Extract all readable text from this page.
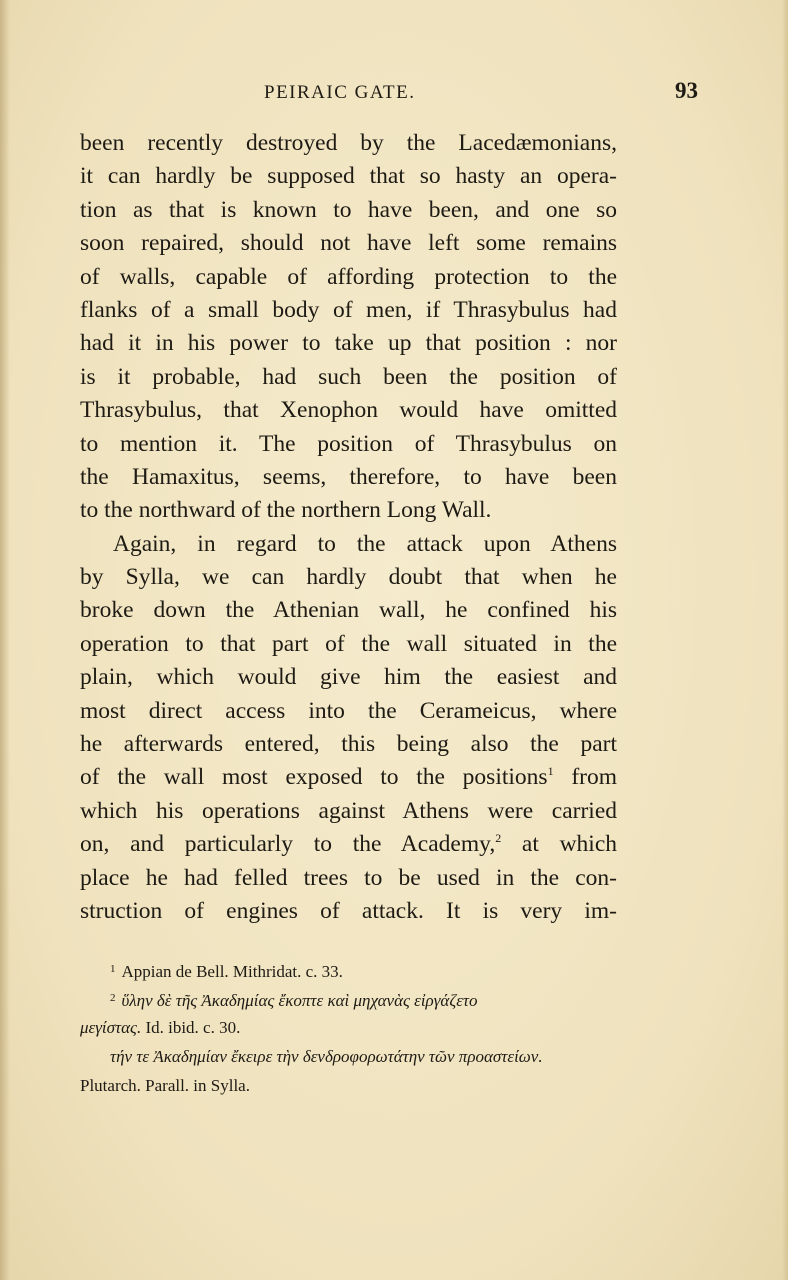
PEIRAIC GATE.	93
been recently destroyed by the Lacedæmonians,
it can hardly be supposed that so hasty an opera-
tion as that is known to have been, and one so
soon repaired, should not have left some remains
of walls, capable of affording protection to the
flanks of a small body of men, if Thrasybulus had
had it in his power to take up that position : nor
is it probable, had such been the position of
Thrasybulus, that Xenophon would have omitted
to mention it. The position of Thrasybulus on
the Hamaxitus, seems, therefore, to have been
to the northward of the northern Long Wall.
Again, in regard to the attack upon Athens
by Sylla, we can hardly doubt that when he
broke down the Athenian wall, he confined his
operation to that part of the wall situated in the
plain, which would give him the easiest and
most direct access into the Cerameicus, where
he afterwards entered, this being also the part
of the wall most exposed to the positions$^1$ from
which his operations against Athens were carried
on, and particularly to the Academy,$^2$ at which
place he had felled trees to be used in the con-
struction of engines of attack. It is very im-
$^1$ Appian de Bell. Mithridat. c. 33.
$^2$ ὕλην δὲ τῆς Ἀκαδημίας ἔκοπτε καὶ μηχανὰς εἰργάζετο
μεγίστας. Id. ibid. c. 30.
τήν τε Ἀκαδημίαν ἔκειρε τὴν δενδροφορωτάτην τῶν προαστείων.
Plutarch. Parall. in Sylla.
